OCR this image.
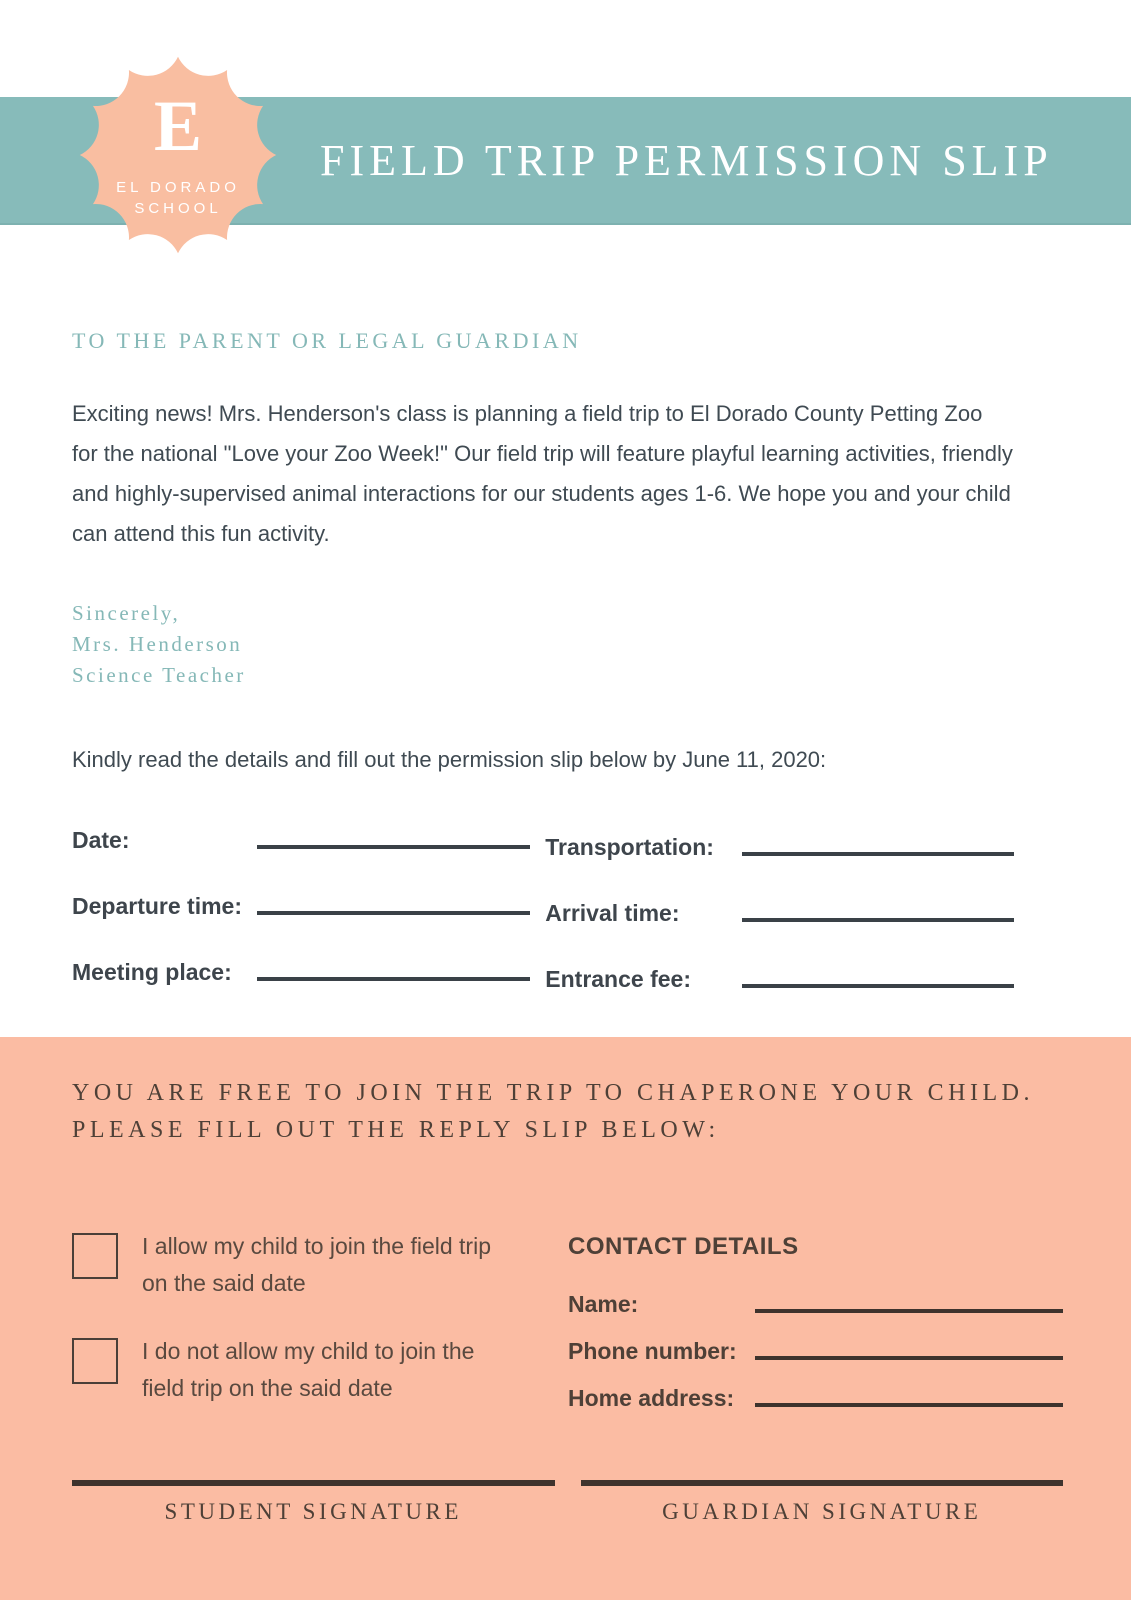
FIELD TRIP PERMISSION SLIP
E
EL DORADO
SCHOOL
TO THE PARENT OR LEGAL GUARDIAN
Exciting news! Mrs. Henderson's class is planning a field trip to El Dorado County Petting Zoo for the national "Love your Zoo Week!" Our field trip will feature playful learning activities, friendly and highly-supervised animal interactions for our students ages 1-6. We hope you and your child can attend this fun activity.
Sincerely,
Mrs. Henderson
Science Teacher
Kindly read the details and fill out the permission slip below by June 11, 2020:
Date:
Departure time:
Meeting place:
Transportation:
Arrival time:
Entrance fee:
YOU ARE FREE TO JOIN THE TRIP TO CHAPERONE YOUR CHILD.
PLEASE FILL OUT THE REPLY SLIP BELOW:
I allow my child to join the field trip on the said date
I do not allow my child to join the field trip on the said date
CONTACT DETAILS
Name:
Phone number:
Home address:
STUDENT SIGNATURE	GUARDIAN SIGNATURE
